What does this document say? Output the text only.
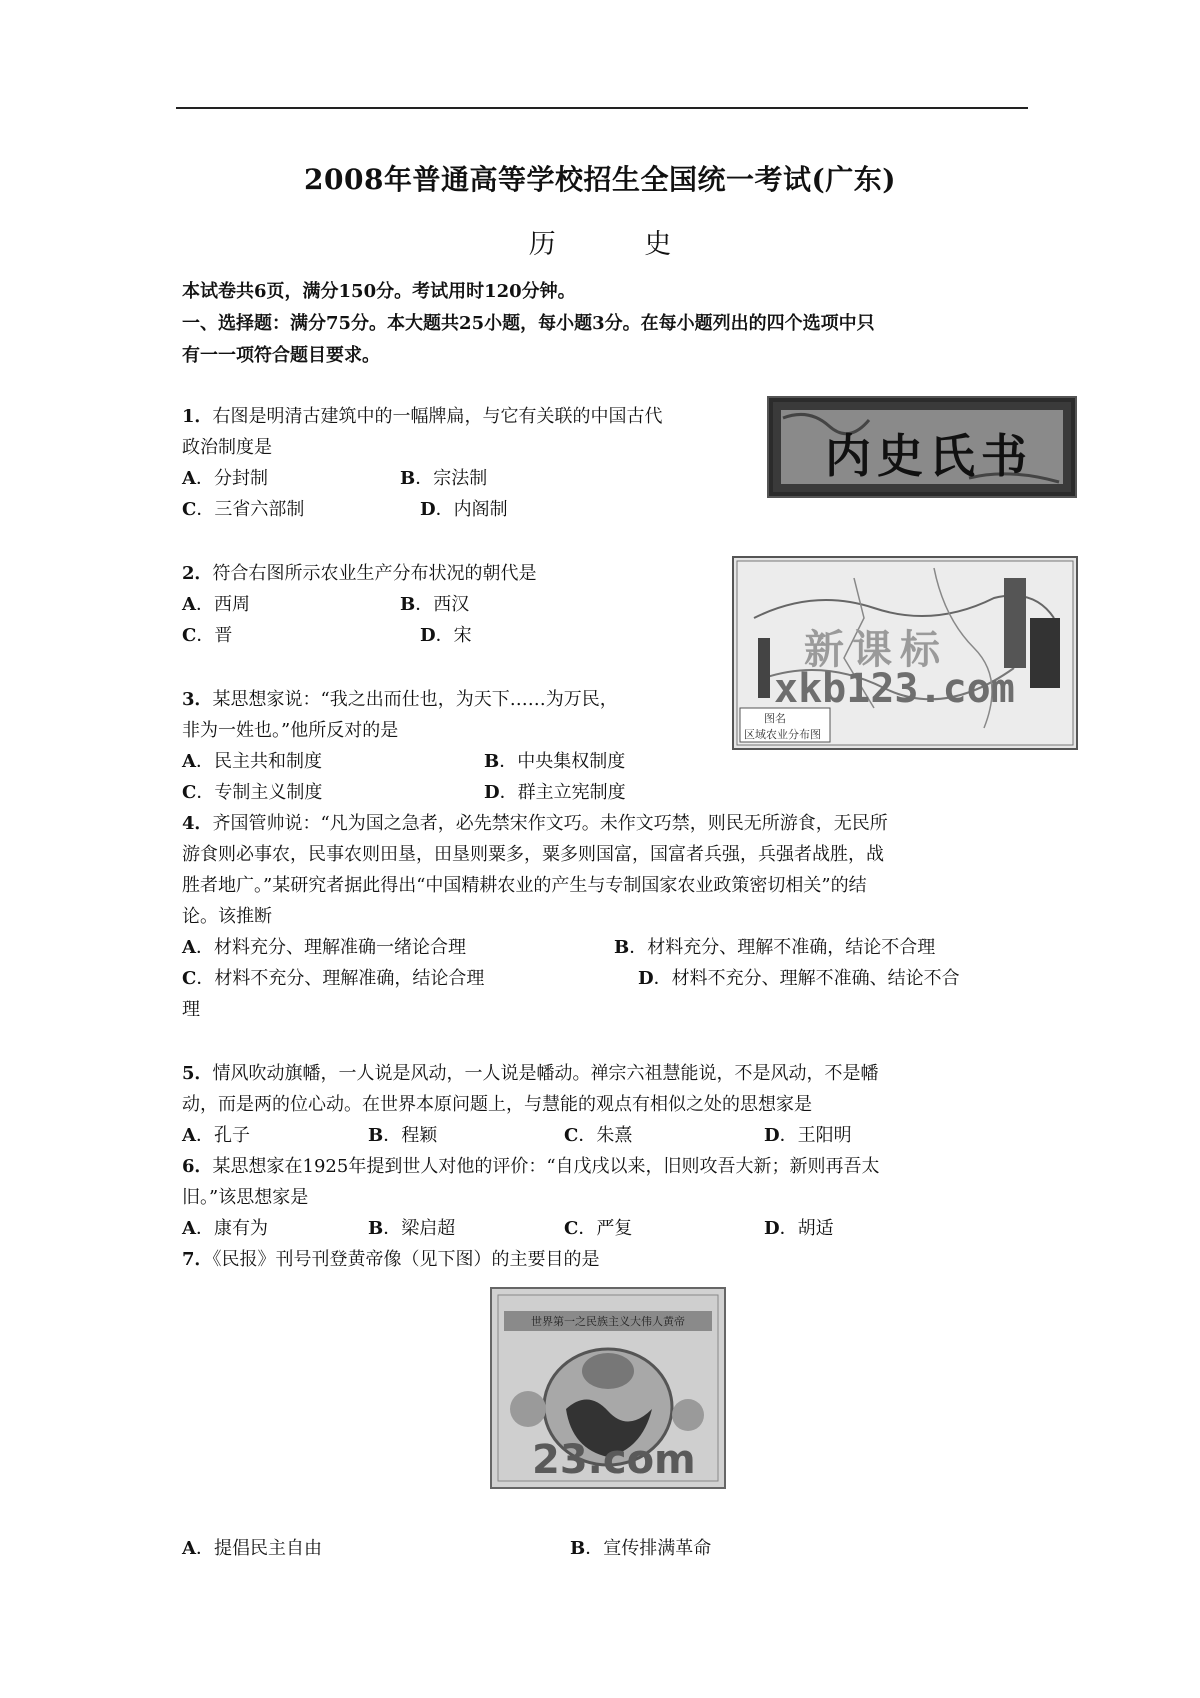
2008年普通高等学校招生全国统一考试(广东)
历 史

本试卷共6页，满分150分。考试用时120分钟。

一、选择题：满分75分。本大题共25小题，每小题3分。在每小题列出的四个选项中只

有一一项符合题目要求。

1．右图是明清古建筑中的一幅牌扁，与它有关联的中国古代

政治制度是

A．分封制	B．宗法制
C．三省六部制	D．内阁制
内史氏书

2．符合右图所示农业生产分布状况的朝代是

A．西周	B．西汉
C．晋	D．宋	新课标
xkb123.com
图名
区域农业分布图

3．某思想家说：“我之出而仕也，为天下……为万民，

非为一姓也。”他所反对的是

A．民主共和制度	B．中央集权制度
C．专制主义制度	D．群主立宪制度

4．齐国管帅说：“凡为国之急者，必先禁宋作文巧。未作文巧禁，则民无所游食，无民所

游食则必事农，民事农则田垦，田垦则粟多，粟多则国富，国富者兵强，兵强者战胜，战

胜者地广。”某研究者据此得出“中国精耕农业的产生与专制国家农业政策密切相关”的结

论。该推断

A．材料充分、理解准确一绪论合理	B．材料充分、理解不准确，结论不合理
C．材料不充分、理解准确，结论合理	D．材料不充分、理解不准确、结论不合

理

5．情风吹动旗幡，一人说是风动，一人说是幡动。禅宗六祖慧能说，不是风动，不是幡

动，而是两的位心动。在世界本原问题上，与慧能的观点有相似之处的思想家是

A．孔子	B．程颖	C．朱熹	D．王阳明

6．某思想家在1925年提到世人对他的评价：“自戊戌以来，旧则攻吾大新；新则再吾太

旧。”该思想家是

A．康有为	B．梁启超	C．严复	D．胡适

7．《民报》刊号刊登黄帝像（见下图）的主要目的是

世界第一之民族主义大伟人黄帝
23.com
A．提倡民主自由	B．宣传排满革命
